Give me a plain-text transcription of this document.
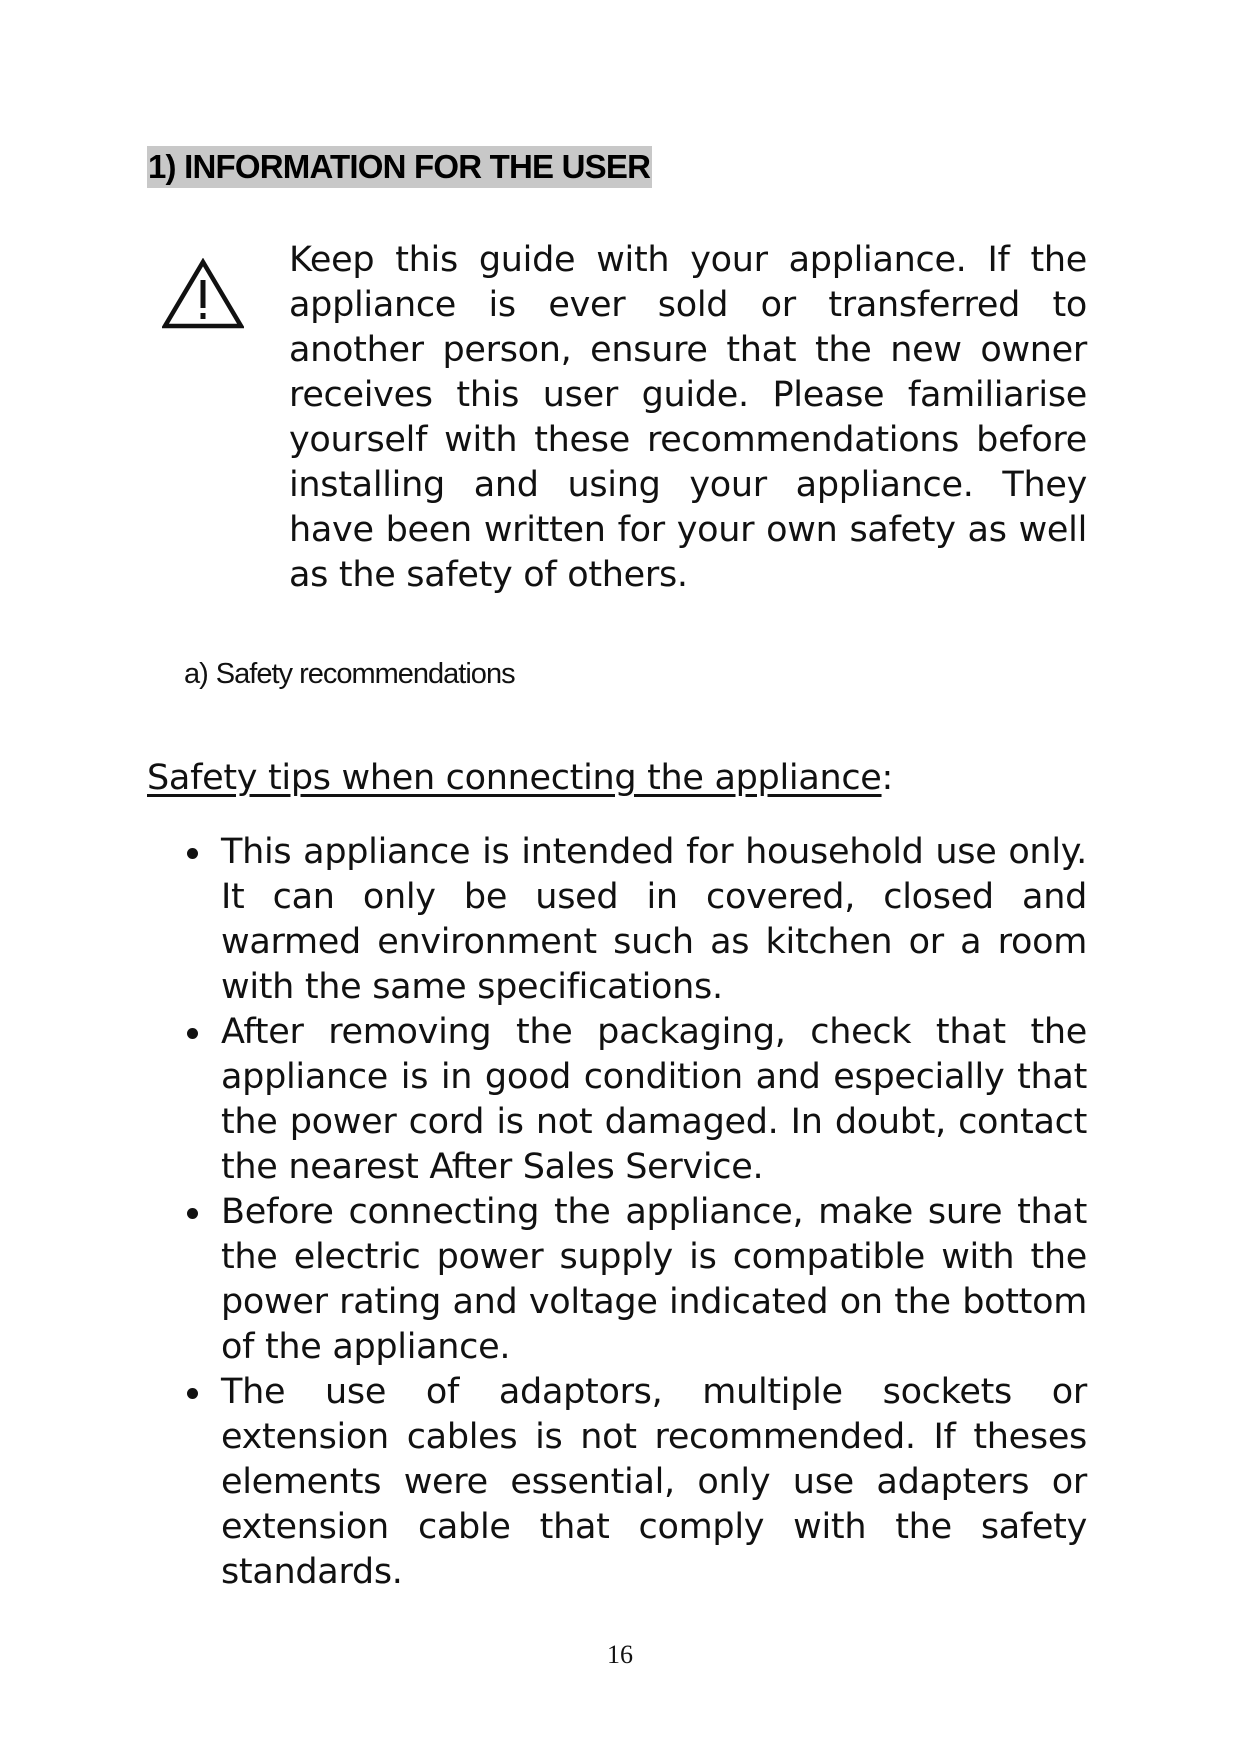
1) INFORMATION FOR THE USER

Keep this guide with your appliance. If the appliance is ever sold or transferred to another person, ensure that the new owner receives this user guide. Please familiarise yourself with these recommendations before installing and using your appliance. They have been written for your own safety as well as the safety of others.

a) Safety recommendations

Safety tips when connecting the appliance:
This appliance is intended for household use only. It can only be used in covered, closed and warmed environment such as kitchen or a room with the same specifications.
After removing the packaging, check that the appliance is in good condition and especially that the power cord is not damaged. In doubt, contact the nearest After Sales Service.
Before connecting the appliance, make sure that the electric power supply is compatible with the power rating and voltage indicated on the bottom of the appliance.
The use of adaptors, multiple sockets or extension cables is not recommended. If theses elements were essential, only use adapters or extension cable that comply with the safety standards.

16
